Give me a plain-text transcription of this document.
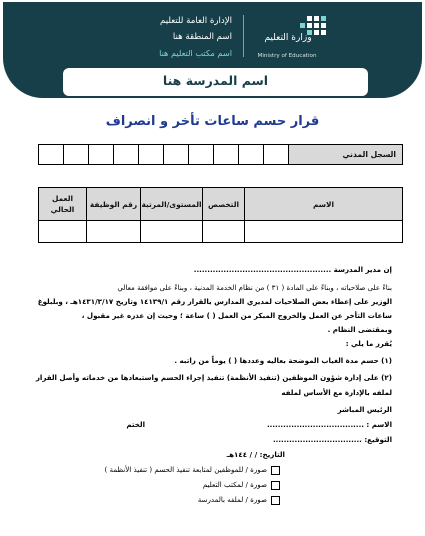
وزارة التعليم
Ministry of Education
الإدارة العامة للتعليم
اسم المنطقة هنا
اسم مكتب التعليم هنا
اسم المدرسة هنا
قرار حسم ساعات تأخر و انصراف
										السجل المدني
العمل الحالي	رقم الوظيفة	المستوى/المرتبة	التخصص	الاسم

إن مدير المدرسة ...................................................
بناءً على صلاحياته ، وبناءً على المادة ( ٣١ ) من نظام الخدمة المدنية ، وبناءً على موافقة معالي
الوزير على إعطاء بعض الصلاحيات لمديري المدارس بالقرار رقم ١٤١٣٩/١ وتاريخ ١٤٣١/٣/١٧هـ ، وبلبلوغ
ساعات التأخر عن العمل والخروج المبكر من العمل ( ) ساعة ؛ وحيث إن عذره غير مقبول ،
وبمقتضى النظام .
يُقرر ما يلي :
(١) حسم مدة الغياب الموضحة بعاليه وعددها ( ) يوماً من راتبه .
(٢) على إدارة شؤون الموظفين (تنفيذ الأنظمة) تنفيذ إجراء الحسم واستبعادها من خدماته وأصل القرار
لملفه بالإدارة مع الأساس لملفه
الرئيس المباشر
الاسم : ....................................
الختم
التوقيع: .................................
التاريخ: / / ١٤٤هـ
صورة / للموظفين لمتابعة تنفيذ الحسم ( تنفيذ الأنظمة )
صورة / لمكتب التعليم
صورة / لملفه بالمدرسة
